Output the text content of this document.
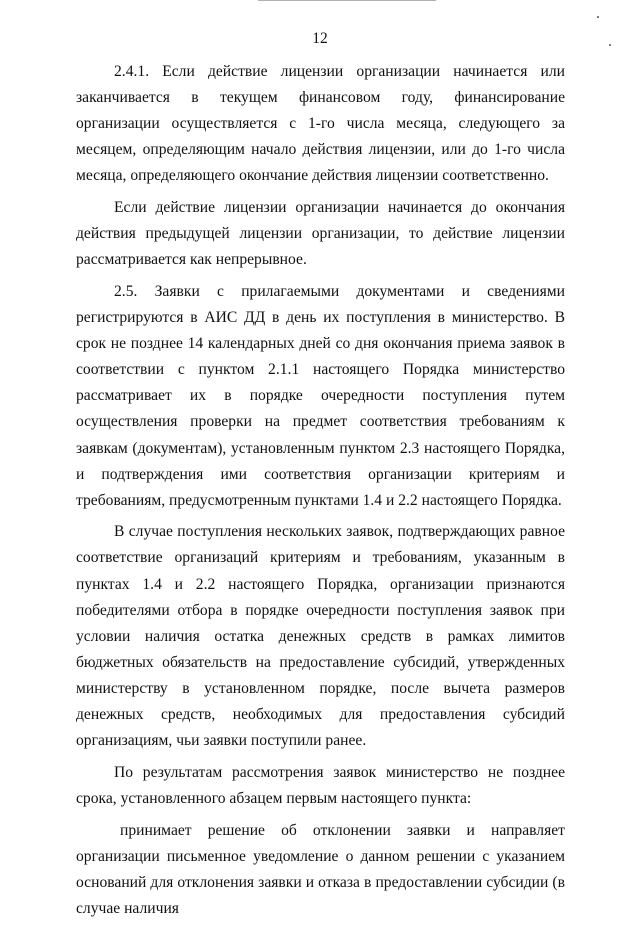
12

2.4.1. Если действие лицензии организации начинается или заканчивается в текущем финансовом году, финансирование организации осуществляется с 1-го числа месяца, следующего за месяцем, определяющим начало действия лицензии, или до 1-го числа месяца, определяющего окончание действия лицензии соответственно.

Если действие лицензии организации начинается до окончания действия предыдущей лицензии организации, то действие лицензии рассматривается как непрерывное.

2.5. Заявки с прилагаемыми документами и сведениями регистрируются в АИС ДД в день их поступления в министерство. В срок не позднее 14 календарных дней со дня окончания приема заявок в соответствии с пунктом 2.1.1 настоящего Порядка министерство рассматривает их в порядке очередности поступления путем осуществления проверки на предмет соответствия требованиям к заявкам (документам), установленным пунктом 2.3 настоящего Порядка, и подтверждения ими соответствия организации критериям и требованиям, предусмотренным пунктами 1.4 и 2.2 настоящего Порядка.

В случае поступления нескольких заявок, подтверждающих равное соответствие организаций критериям и требованиям, указанным в пунктах 1.4 и 2.2 настоящего Порядка, организации признаются победителями отбора в порядке очередности поступления заявок при условии наличия остатка денежных средств в рамках лимитов бюджетных обязательств на предоставление субсидий, утвержденных министерству в установленном порядке, после вычета размеров денежных средств, необходимых для предоставления субсидий организациям, чьи заявки поступили ранее.

По результатам рассмотрения заявок министерство не позднее срока, установленного абзацем первым настоящего пункта:

принимает решение об отклонении заявки и направляет организации письменное уведомление о данном решении с указанием оснований для отклонения заявки и отказа в предоставлении субсидии (в случае наличия
